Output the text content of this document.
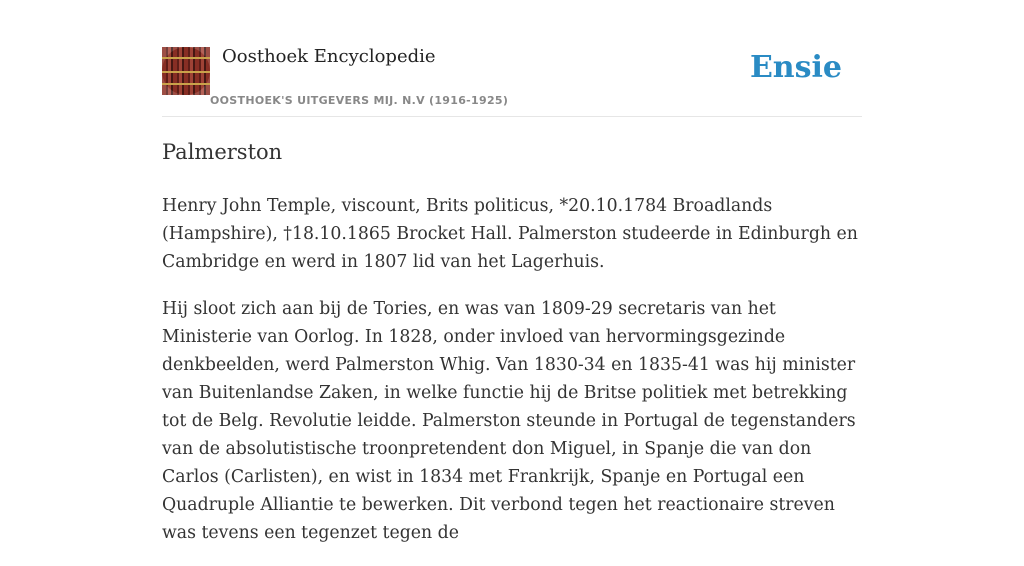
Oosthoek Encyclopedie
OOSTHOEK'S UITGEVERS MIJ. N.V (1916-1925)
Ensie
Palmerston

Henry John Temple, viscount, Brits politicus, *20.10.1784 Broadlands (Hampshire), †18.10.1865 Brocket Hall. Palmerston studeerde in Edinburgh en Cambridge en werd in 1807 lid van het Lagerhuis.

Hij sloot zich aan bij de Tories, en was van 1809-29 secretaris van het Ministerie van Oorlog. In 1828, onder invloed van hervormingsgezinde denkbeelden, werd Palmerston Whig. Van 1830-34 en 1835-41 was hij minister van Buitenlandse Zaken, in welke functie hij de Britse politiek met betrekking tot de Belg. Revolutie leidde. Palmerston steunde in Portugal de tegenstanders van de absolutistische troonpretendent don Miguel, in Spanje die van don Carlos (Carlisten), en wist in 1834 met Frankrijk, Spanje en Portugal een Quadruple Alliantie te bewerken. Dit verbond tegen het reactionaire streven was tevens een tegenzet tegen de
